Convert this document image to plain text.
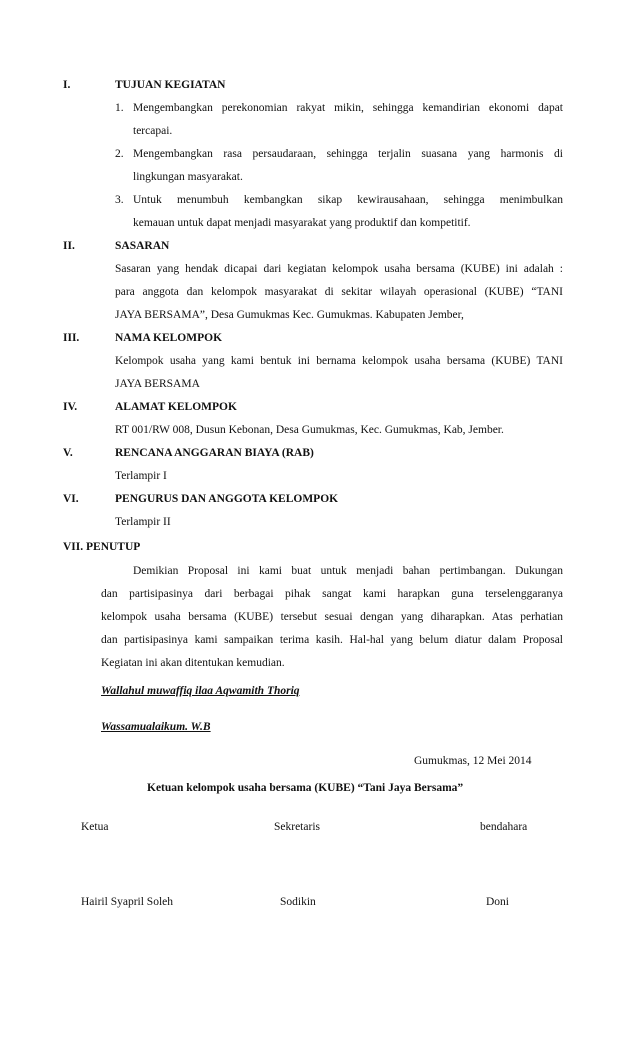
I.	TUJUAN KEGIATAN
1. Mengembangkan perekonomian rakyat mikin, sehingga kemandirian ekonomi dapat
tercapai.
2. Mengembangkan rasa persaudaraan, sehingga terjalin suasana yang harmonis di
lingkungan masyarakat.
3. Untuk menumbuh kembangkan sikap kewirausahaan, sehingga menimbulkan
kemauan untuk dapat menjadi masyarakat yang produktif dan kompetitif.
II.	SASARAN
Sasaran yang hendak dicapai dari kegiatan kelompok usaha bersama (KUBE) ini adalah :
para anggota dan kelompok masyarakat di sekitar wilayah operasional (KUBE) “TANI
JAYA BERSAMA”, Desa Gumukmas Kec. Gumukmas. Kabupaten Jember,
III.	NAMA KELOMPOK
Kelompok usaha yang kami bentuk ini bernama kelompok usaha bersama (KUBE) TANI
JAYA BERSAMA
IV.	ALAMAT KELOMPOK
RT 001/RW 008, Dusun Kebonan, Desa Gumukmas, Kec. Gumukmas, Kab, Jember.
V.	RENCANA ANGGARAN BIAYA (RAB)
Terlampir I
VI.	PENGURUS DAN ANGGOTA KELOMPOK
Terlampir II
VII. PENUTUP
Demikian Proposal ini kami buat untuk menjadi bahan pertimbangan. Dukungan
dan partisipasinya dari berbagai pihak sangat kami harapkan guna terselenggaranya
kelompok usaha bersama (KUBE) tersebut sesuai dengan yang diharapkan. Atas perhatian
dan partisipasinya kami sampaikan terima kasih. Hal-hal yang belum diatur dalam Proposal
Kegiatan ini akan ditentukan kemudian.
Wallahul muwaffiq ilaa Aqwamith Thoriq
Wassamualaikum. W.B
Gumukmas, 12 Mei 2014
Ketuan kelompok usaha bersama (KUBE) “Tani Jaya Bersama”
Ketua	Sekretaris	bendahara
Hairil Syapril Soleh	Sodikin	Doni
